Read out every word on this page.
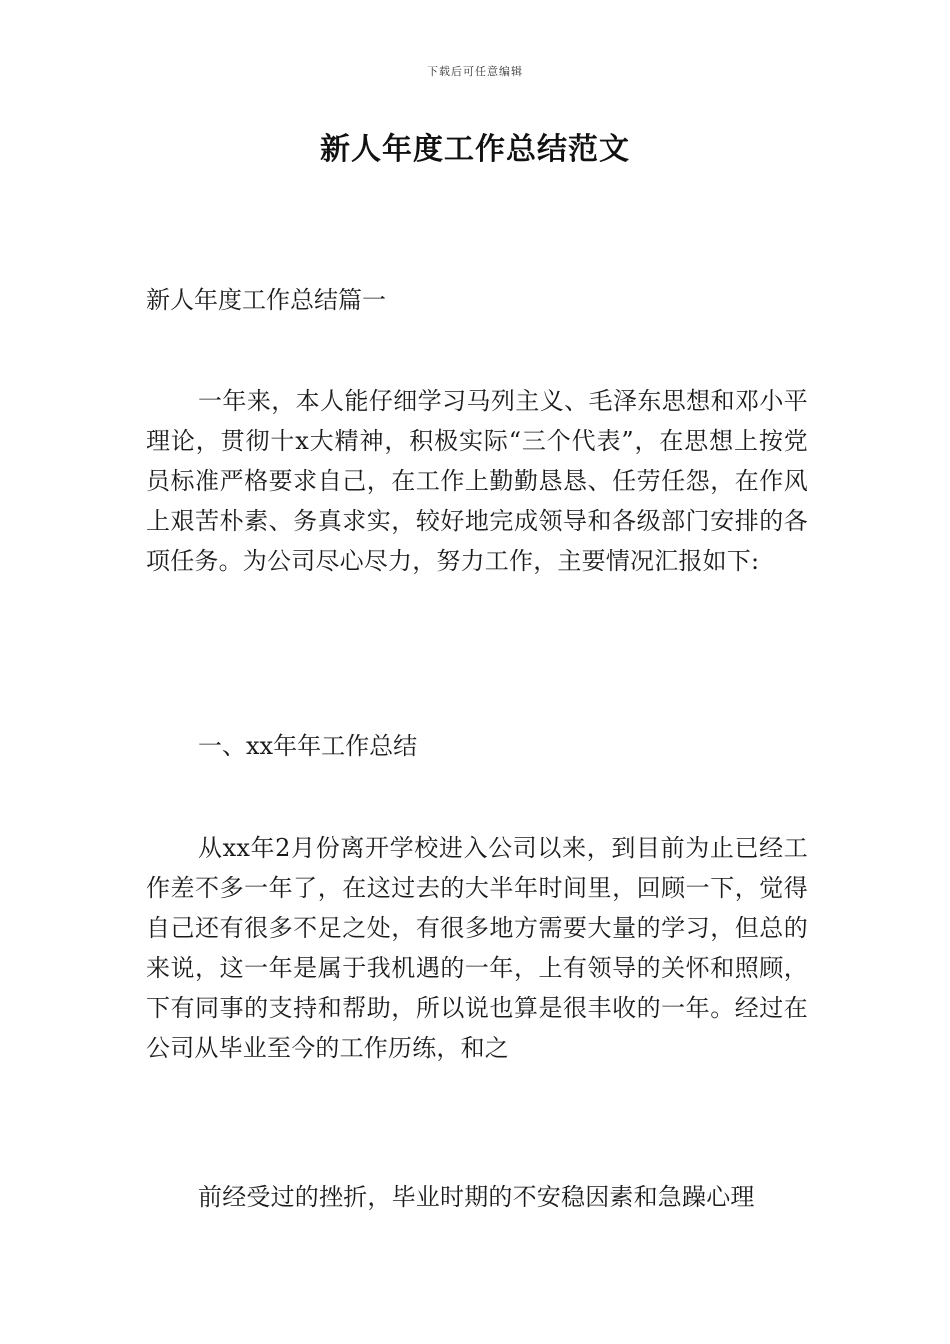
下载后可任意编辑
新人年度工作总结范文
新人年度工作总结篇一

一年来，本人能仔细学习马列主义、毛泽东思想和邓小平理论，贯彻十x大精神，积极实际“三个代表”，在思想上按党员标准严格要求自己，在工作上勤勤恳恳、任劳任怨，在作风上艰苦朴素、务真求实，较好地完成领导和各级部门安排的各项任务。为公司尽心尽力，努力工作，主要情况汇报如下:

一、xx年年工作总结

从xx年2月份离开学校进入公司以来，到目前为止已经工作差不多一年了，在这过去的大半年时间里，回顾一下，觉得自己还有很多不足之处，有很多地方需要大量的学习，但总的来说，这一年是属于我机遇的一年，上有领导的关怀和照顾，下有同事的支持和帮助，所以说也算是很丰收的一年。经过在公司从毕业至今的工作历练，和之

前经受过的挫折，毕业时期的不安稳因素和急躁心理
